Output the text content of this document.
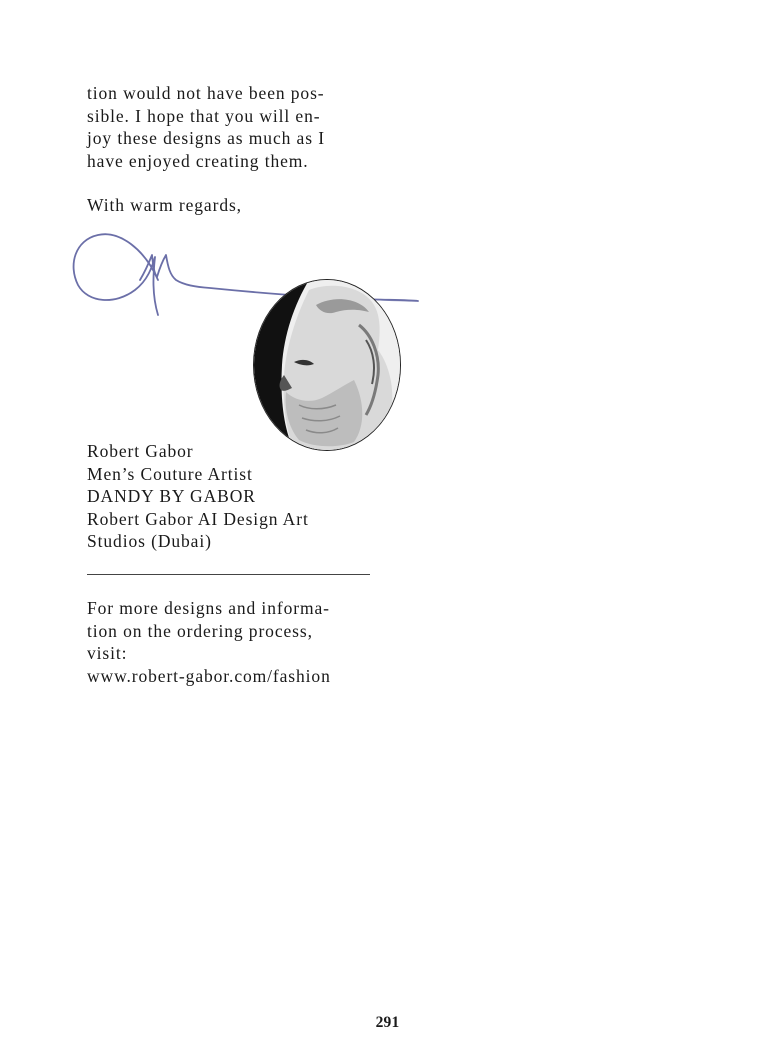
tion would not have been pos-
sible. I hope that you will en-
joy these designs as much as I
have enjoyed creating them.

With warm regards,

Robert Gabor
Men’s Couture Artist
DANDY BY GABOR
Robert Gabor AI Design Art
Studios (Dubai)

For more designs and informa-
tion on the ordering process,
visit:
www.robert-gabor.com/fashion

291
